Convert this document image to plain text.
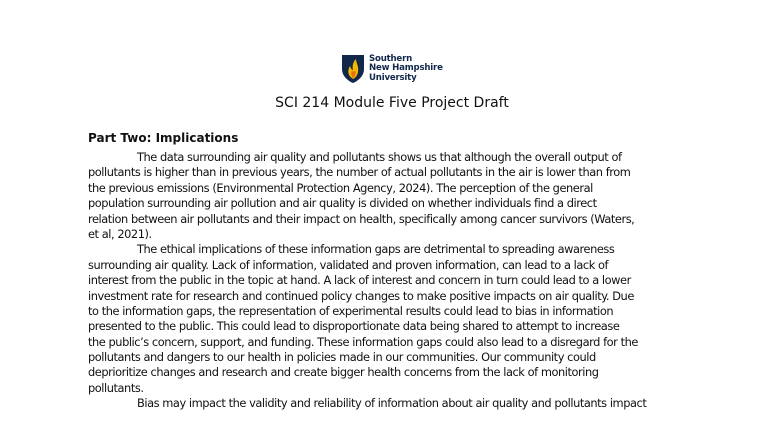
Southern
New Hampshire
University
SCI 214 Module Five Project Draft
Part Two: Implications
The data surrounding air quality and pollutants shows us that although the overall output of
pollutants is higher than in previous years, the number of actual pollutants in the air is lower than from
the previous emissions (Environmental Protection Agency, 2024). The perception of the general
population surrounding air pollution and air quality is divided on whether individuals find a direct
relation between air pollutants and their impact on health, specifically among cancer survivors (Waters,
et al, 2021).
The ethical implications of these information gaps are detrimental to spreading awareness
surrounding air quality. Lack of information, validated and proven information, can lead to a lack of
interest from the public in the topic at hand. A lack of interest and concern in turn could lead to a lower
investment rate for research and continued policy changes to make positive impacts on air quality. Due
to the information gaps, the representation of experimental results could lead to bias in information
presented to the public. This could lead to disproportionate data being shared to attempt to increase
the public’s concern, support, and funding. These information gaps could also lead to a disregard for the
pollutants and dangers to our health in policies made in our communities. Our community could
deprioritize changes and research and create bigger health concerns from the lack of monitoring
pollutants.
Bias may impact the validity and reliability of information about air quality and pollutants impact
